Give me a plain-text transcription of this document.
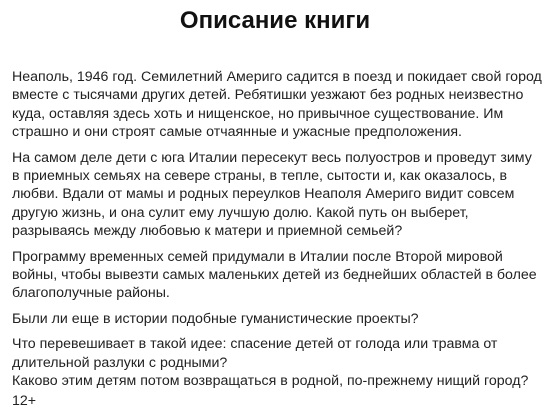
Описание книги

Неаполь, 1946 год. Семилетний Америго садится в поезд и покидает свой город вместе с тысячами других детей. Ребятишки уезжают без родных неизвестно куда, оставляя здесь хоть и нищенское, но привычное существование. Им страшно и они строят самые отчаянные и ужасные предположения.

На самом деле дети с юга Италии пересекут весь полуостров и проведут зиму в приемных семьях на севере страны, в тепле, сытости и, как оказалось, в любви. Вдали от мамы и родных переулков Неаполя Америго видит совсем другую жизнь, и она сулит ему лучшую долю. Какой путь он выберет, разрываясь между любовью к матери и приемной семьей?

Программу временных семей придумали в Италии после Второй мировой войны, чтобы вывезти самых маленьких детей из беднейших областей в более благополучные районы.

Были ли еще в истории подобные гуманистические проекты?

Что перевешивает в такой идее: спасение детей от голода или травма от длительной разлуки с родными?

Каково этим детям потом возвращаться в родной, по-прежнему нищий город?

12+
